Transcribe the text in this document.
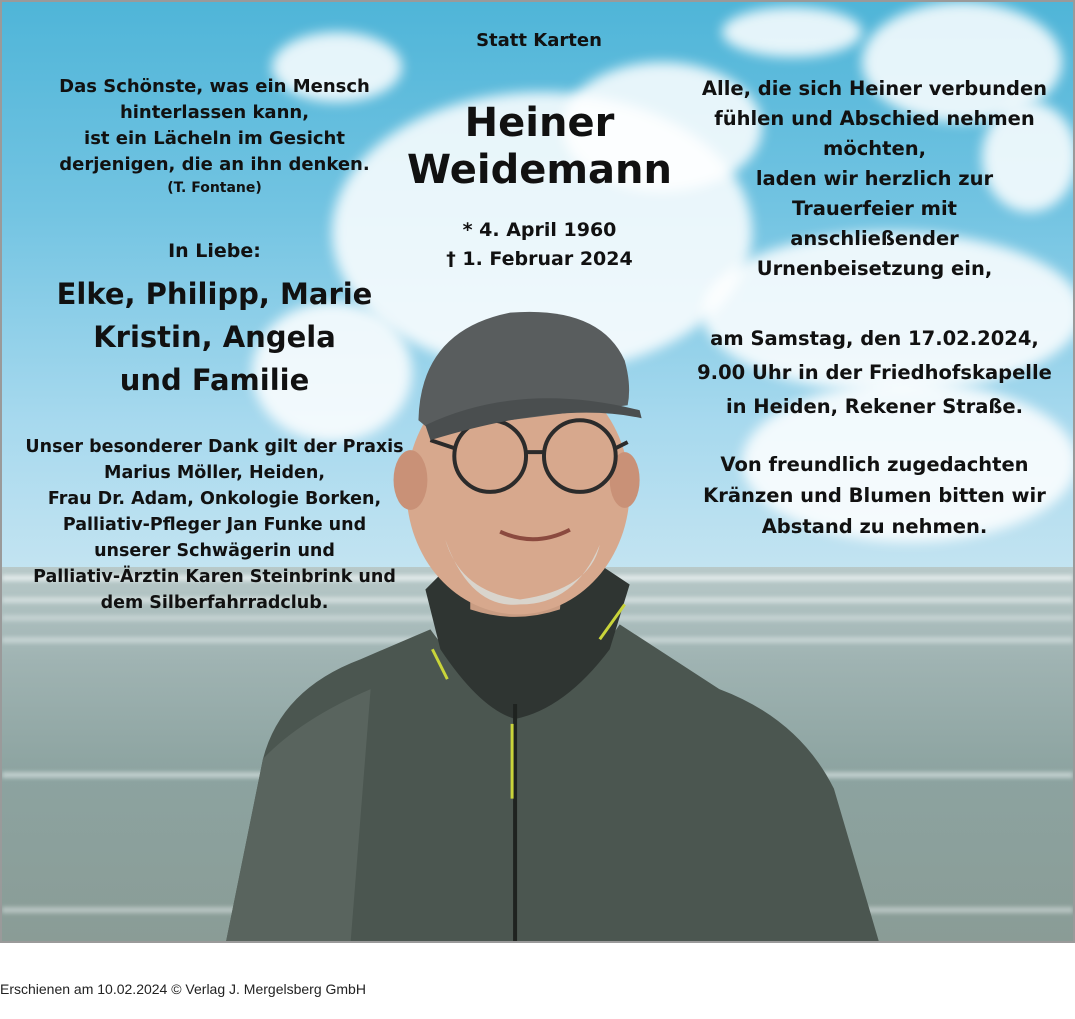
Statt Karten

Heiner
Weidemann
* 4. April 1960
† 1. Februar 2024
Das Schönste, was ein Mensch
hinterlassen kann,
ist ein Lächeln im Gesicht
derjenigen, die an ihn denken.
(T. Fontane)

In Liebe:

Elke, Philipp, Marie
Kristin, Angela
und Familie
Unser besonderer Dank gilt der Praxis
Marius Möller, Heiden,
Frau Dr. Adam, Onkologie Borken,
Palliativ-Pfleger Jan Funke und
unserer Schwägerin und
Palliativ-Ärztin Karen Steinbrink und
dem Silberfahrradclub.
Alle, die sich Heiner verbunden
fühlen und Abschied nehmen
möchten,
laden wir herzlich zur
Trauerfeier mit
anschließender
Urnenbeisetzung ein,
am Samstag, den 17.02.2024,
9.00 Uhr in der Friedhofskapelle
in Heiden, Rekener Straße.
Von freundlich zugedachten
Kränzen und Blumen bitten wir
Abstand zu nehmen.
Erschienen am 10.02.2024 © Verlag J. Mergelsberg GmbH
